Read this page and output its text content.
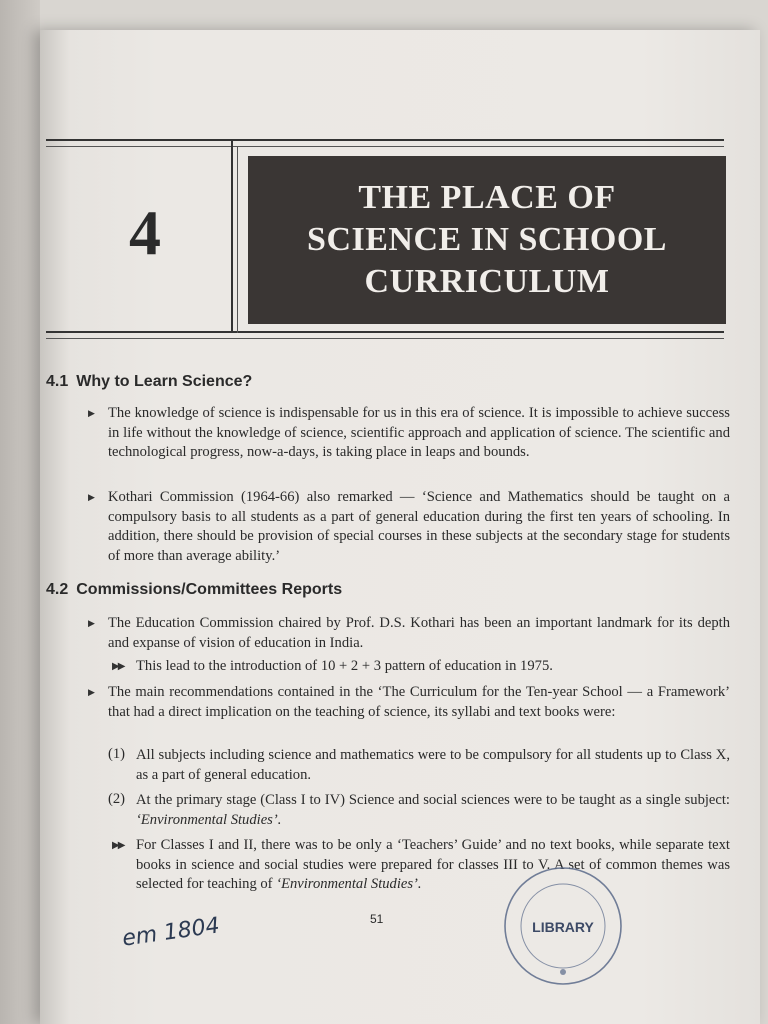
4	THE PLACE OF
SCIENCE IN SCHOOL
CURRICULUM
4.1 Why to Learn Science?
▶ The knowledge of science is indispensable for us in this era of science. It is impossible to achieve success in life without the knowledge of science, scientific approach and application of science. The scientific and technological progress, now-a-days, is taking place in leaps and bounds.
▶ Kothari Commission (1964-66) also remarked — ‘Science and Mathematics should be taught on a compulsory basis to all students as a part of general education during the first ten years of schooling. In addition, there should be provision of special courses in these subjects at the secondary stage for students of more than average ability.’
4.2 Commissions/Committees Reports
▶ The Education Commission chaired by Prof. D.S. Kothari has been an important landmark for its depth and expanse of vision of education in India.
▶▶ This lead to the introduction of 10 + 2 + 3 pattern of education in 1975.
▶ The main recommendations contained in the ‘The Curriculum for the Ten-year School — a Framework’ that had a direct implication on the teaching of science, its syllabi and text books were:
(1) All subjects including science and mathematics were to be compulsory for all students up to Class X, as a part of general education.
(2) At the primary stage (Class I to IV) Science and social sciences were to be taught as a single subject: ‘Environmental Studies’.
▶▶ For Classes I and II, there was to be only a ‘Teachers’ Guide’ and no text books, while separate text books in science and social studies were prepared for classes III to V. A set of common themes was selected for teaching of ‘Environmental Studies’.
51
em 1804	LIBRARY
